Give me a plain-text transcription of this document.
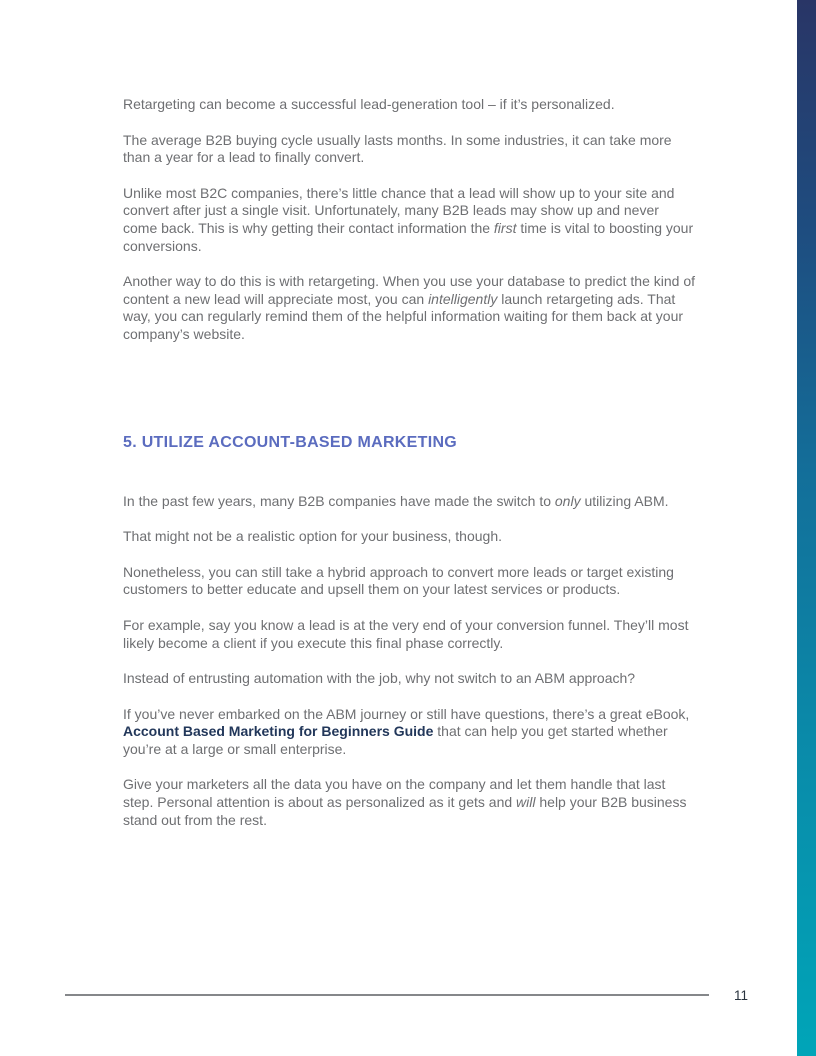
Retargeting can become a successful lead-generation tool – if it’s personalized.

The average B2B buying cycle usually lasts months. In some industries, it can take more than a year for a lead to finally convert.

Unlike most B2C companies, there’s little chance that a lead will show up to your site and convert after just a single visit. Unfortunately, many B2B leads may show up and never come back. This is why getting their contact information the first time is vital to boosting your conversions.

Another way to do this is with retargeting. When you use your database to predict the kind of content a new lead will appreciate most, you can intelligently launch retargeting ads. That way, you can regularly remind them of the helpful information waiting for them back at your company’s website.

5. UTILIZE ACCOUNT-BASED MARKETING

In the past few years, many B2B companies have made the switch to only utilizing ABM.

That might not be a realistic option for your business, though.

Nonetheless, you can still take a hybrid approach to convert more leads or target existing customers to better educate and upsell them on your latest services or products.

For example, say you know a lead is at the very end of your conversion funnel. They’ll most likely become a client if you execute this final phase correctly.

Instead of entrusting automation with the job, why not switch to an ABM approach?

If you’ve never embarked on the ABM journey or still have questions, there’s a great eBook, Account Based Marketing for Beginners Guide that can help you get started whether you’re at a large or small enterprise.

Give your marketers all the data you have on the company and let them handle that last step. Personal attention is about as personalized as it gets and will help your B2B business stand out from the rest.

11
